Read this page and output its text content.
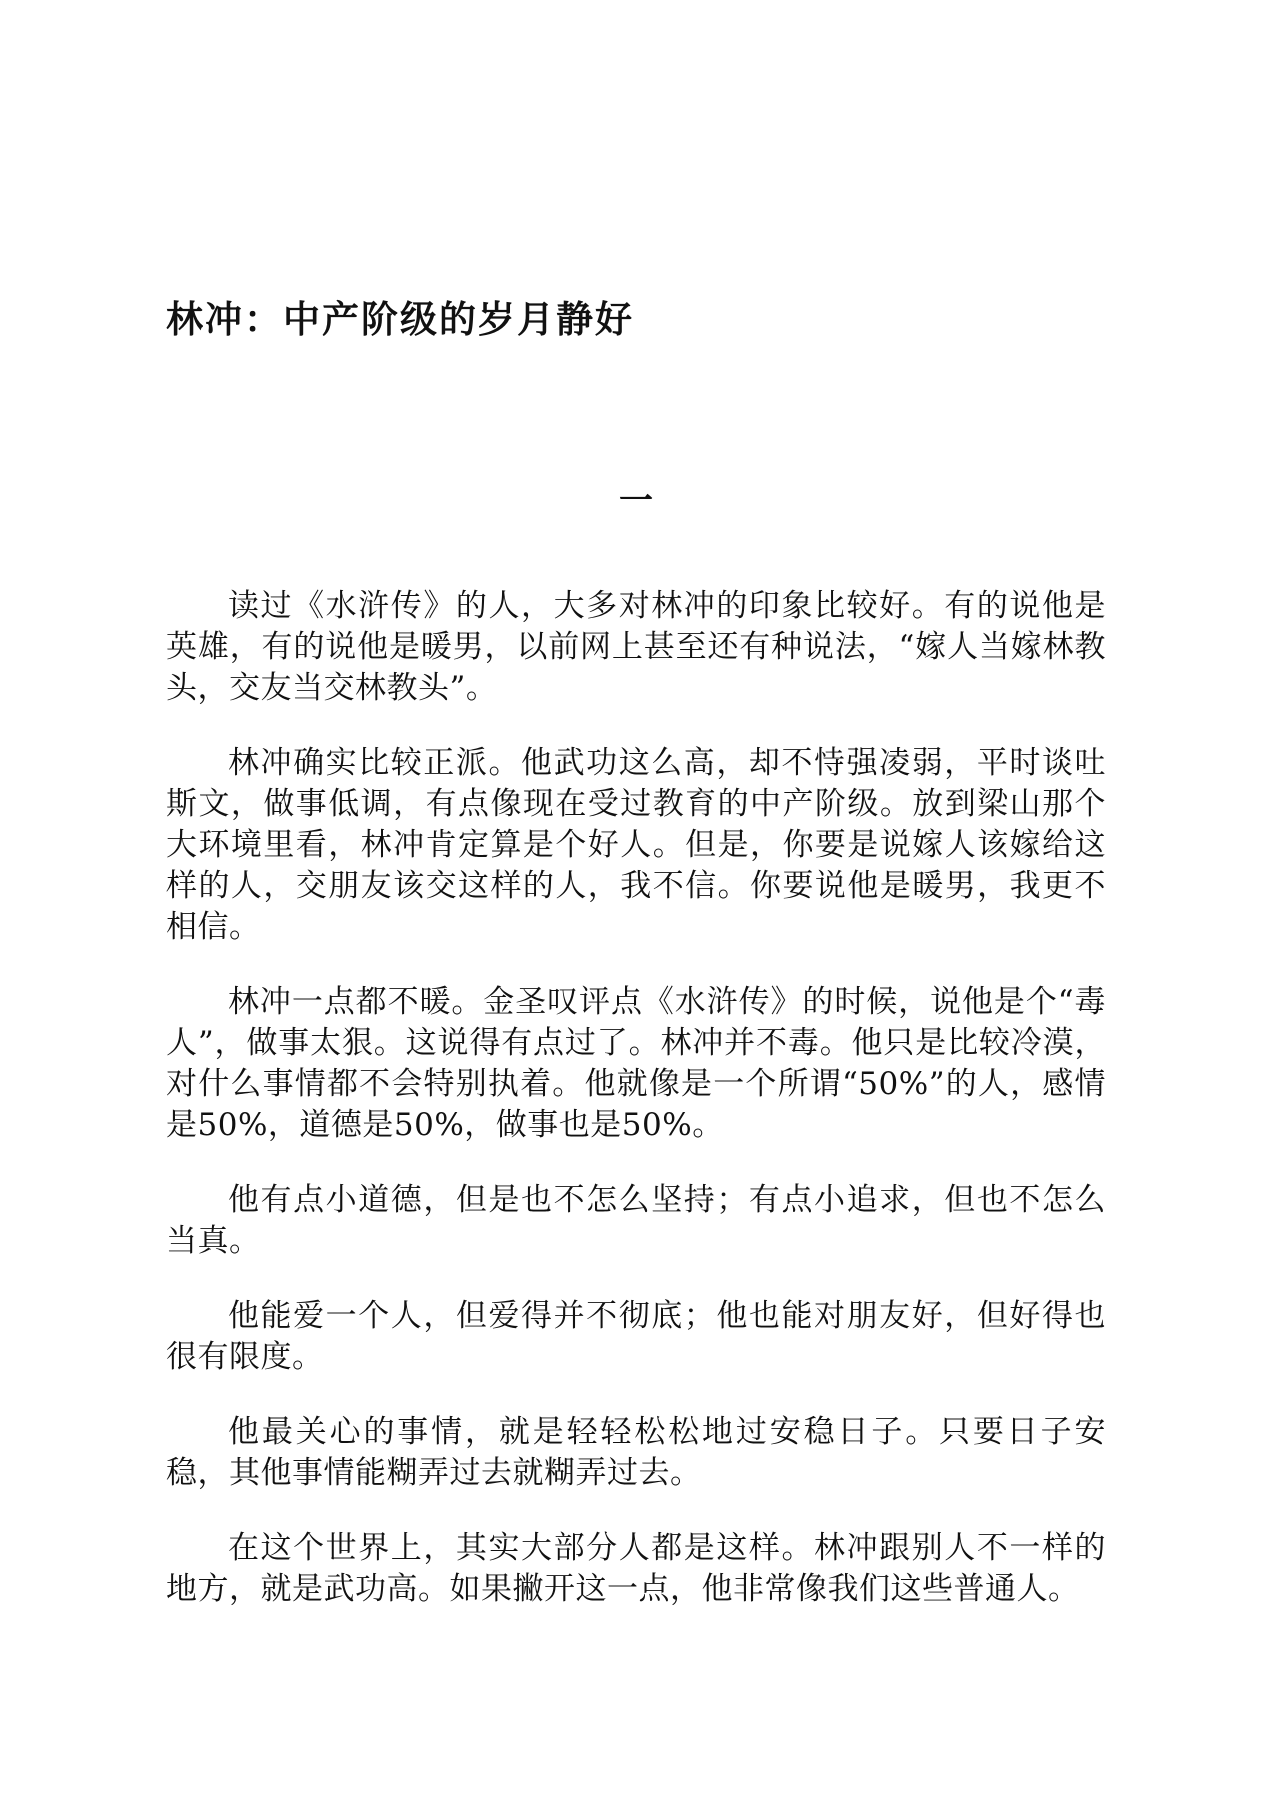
林冲：中产阶级的岁月静好
一

读过《水浒传》的人，大多对林冲的印象比较好。有的说他是英雄，有的说他是暖男，以前网上甚至还有种说法，“嫁人当嫁林教头，交友当交林教头”。

林冲确实比较正派。他武功这么高，却不恃强凌弱，平时谈吐斯文，做事低调，有点像现在受过教育的中产阶级。放到梁山那个大环境里看，林冲肯定算是个好人。但是，你要是说嫁人该嫁给这样的人，交朋友该交这样的人，我不信。你要说他是暖男，我更不相信。

林冲一点都不暖。金圣叹评点《水浒传》的时候，说他是个“毒人”，做事太狠。这说得有点过了。林冲并不毒。他只是比较冷漠，对什么事情都不会特别执着。他就像是一个所谓“50%”的人，感情是50%，道德是50%，做事也是50%。

他有点小道德，但是也不怎么坚持；有点小追求，但也不怎么当真。

他能爱一个人，但爱得并不彻底；他也能对朋友好，但好得也很有限度。

他最关心的事情，就是轻轻松松地过安稳日子。只要日子安稳，其他事情能糊弄过去就糊弄过去。

在这个世界上，其实大部分人都是这样。林冲跟别人不一样的地方，就是武功高。如果撇开这一点，他非常像我们这些普通人。
